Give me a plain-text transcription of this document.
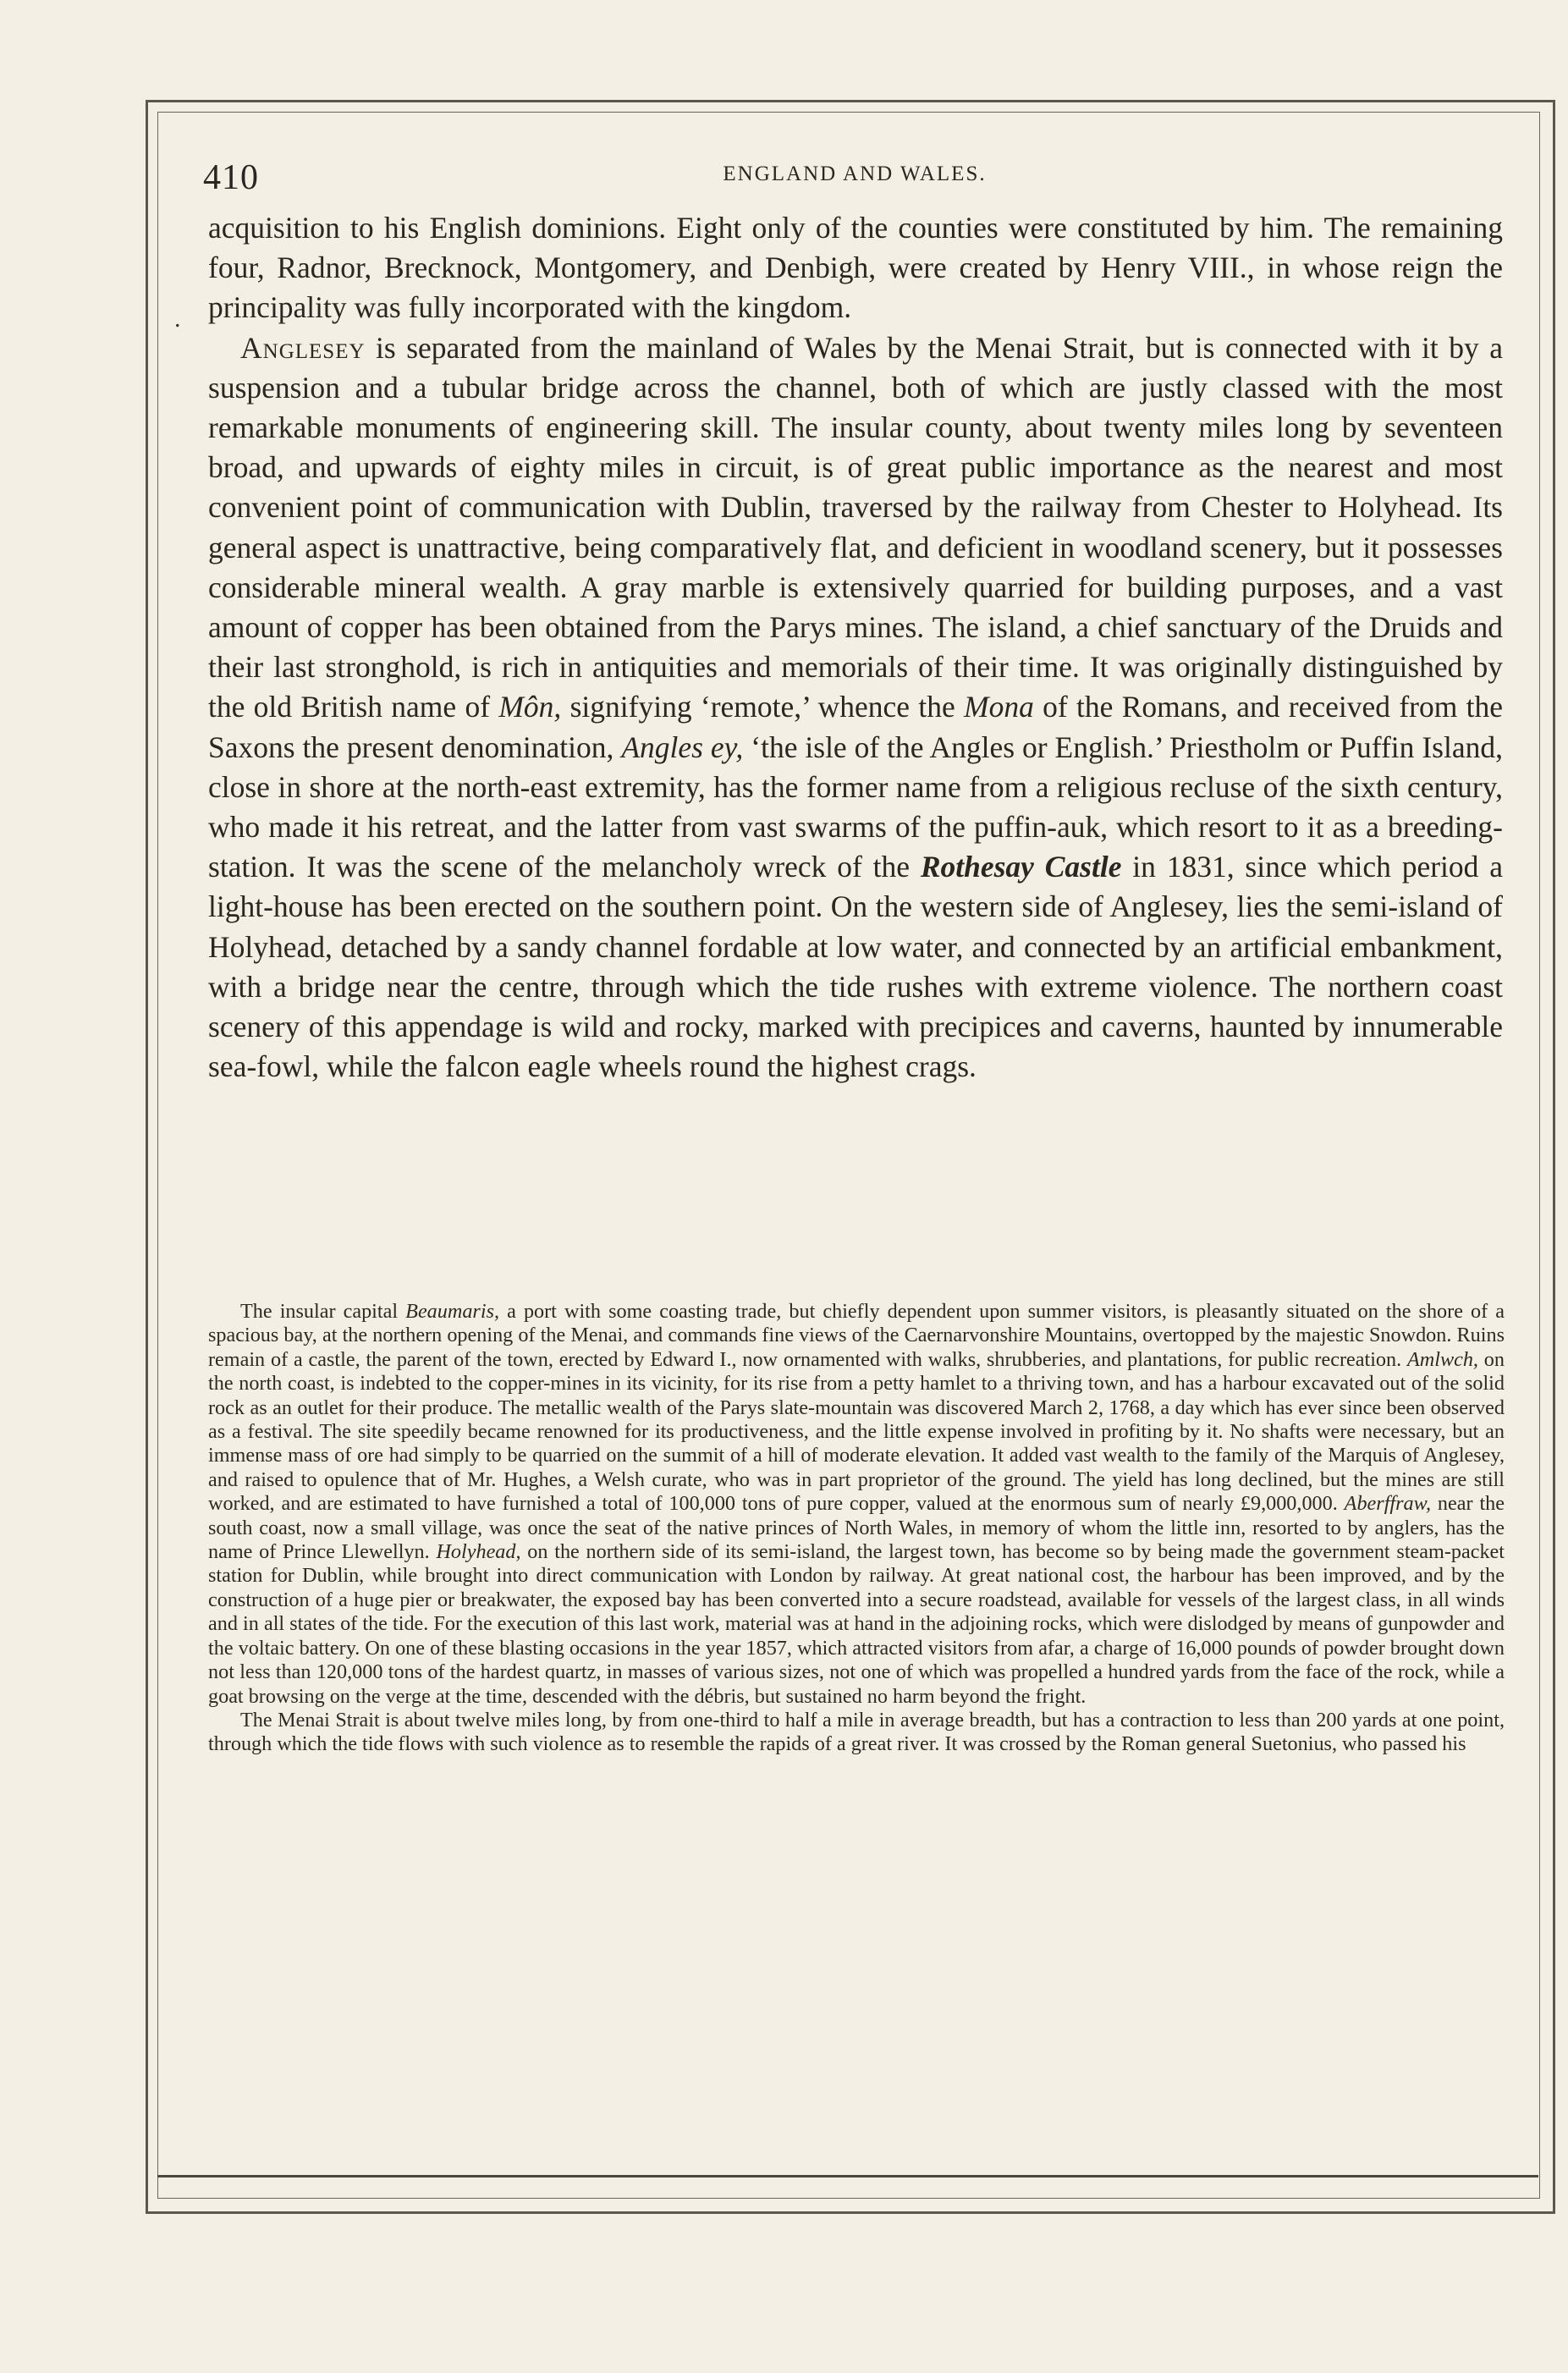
.
410	ENGLAND AND WALES.

acquisition to his English dominions. Eight only of the counties were constituted by him. The remaining four, Radnor, Brecknock, Montgomery, and Denbigh, were created by Henry VIII., in whose reign the principality was fully incorporated with the kingdom.

Anglesey is separated from the mainland of Wales by the Menai Strait, but is connected with it by a suspension and a tubular bridge across the channel, both of which are justly classed with the most remarkable monuments of engineering skill. The insular county, about twenty miles long by seventeen broad, and upwards of eighty miles in circuit, is of great public importance as the nearest and most convenient point of communication with Dublin, traversed by the railway from Chester to Holyhead. Its general aspect is unattractive, being comparatively flat, and deficient in woodland scenery, but it possesses considerable mineral wealth. A gray marble is extensively quarried for building purposes, and a vast amount of copper has been obtained from the Parys mines. The island, a chief sanctuary of the Druids and their last stronghold, is rich in antiquities and memorials of their time. It was originally distinguished by the old British name of Môn, signifying ‘remote,’ whence the Mona of the Romans, and received from the Saxons the present denomination, Angles ey, ‘the isle of the Angles or English.’ Priestholm or Puffin Island, close in shore at the north-east extremity, has the former name from a religious recluse of the sixth century, who made it his retreat, and the latter from vast swarms of the puffin-auk, which resort to it as a breeding-station. It was the scene of the melancholy wreck of the Rothesay Castle in 1831, since which period a light-house has been erected on the southern point. On the western side of Anglesey, lies the semi-island of Holyhead, detached by a sandy channel fordable at low water, and connected by an artificial embankment, with a bridge near the centre, through which the tide rushes with extreme violence. The northern coast scenery of this appendage is wild and rocky, marked with precipices and caverns, haunted by innumerable sea-fowl, while the falcon eagle wheels round the highest crags.

The insular capital Beaumaris, a port with some coasting trade, but chiefly dependent upon summer visitors, is pleasantly situated on the shore of a spacious bay, at the northern opening of the Menai, and commands fine views of the Caernarvonshire Mountains, overtopped by the majestic Snowdon. Ruins remain of a castle, the parent of the town, erected by Edward I., now ornamented with walks, shrubberies, and plantations, for public recreation. Amlwch, on the north coast, is indebted to the copper-mines in its vicinity, for its rise from a petty hamlet to a thriving town, and has a harbour excavated out of the solid rock as an outlet for their produce. The metallic wealth of the Parys slate-mountain was discovered March 2, 1768, a day which has ever since been observed as a festival. The site speedily became renowned for its productiveness, and the little expense involved in profiting by it. No shafts were necessary, but an immense mass of ore had simply to be quarried on the summit of a hill of moderate elevation. It added vast wealth to the family of the Marquis of Anglesey, and raised to opulence that of Mr. Hughes, a Welsh curate, who was in part proprietor of the ground. The yield has long declined, but the mines are still worked, and are estimated to have furnished a total of 100,000 tons of pure copper, valued at the enormous sum of nearly £9,000,000. Aberffraw, near the south coast, now a small village, was once the seat of the native princes of North Wales, in memory of whom the little inn, resorted to by anglers, has the name of Prince Llewellyn. Holyhead, on the northern side of its semi-island, the largest town, has become so by being made the government steam-packet station for Dublin, while brought into direct communication with London by railway. At great national cost, the harbour has been improved, and by the construction of a huge pier or breakwater, the exposed bay has been converted into a secure roadstead, available for vessels of the largest class, in all winds and in all states of the tide. For the execution of this last work, material was at hand in the adjoining rocks, which were dislodged by means of gunpowder and the voltaic battery. On one of these blasting occasions in the year 1857, which attracted visitors from afar, a charge of 16,000 pounds of powder brought down not less than 120,000 tons of the hardest quartz, in masses of various sizes, not one of which was propelled a hundred yards from the face of the rock, while a goat browsing on the verge at the time, descended with the débris, but sustained no harm beyond the fright.

The Menai Strait is about twelve miles long, by from one-third to half a mile in average breadth, but has a contraction to less than 200 yards at one point, through which the tide flows with such violence as to resemble the rapids of a great river. It was crossed by the Roman general Suetonius, who passed his
